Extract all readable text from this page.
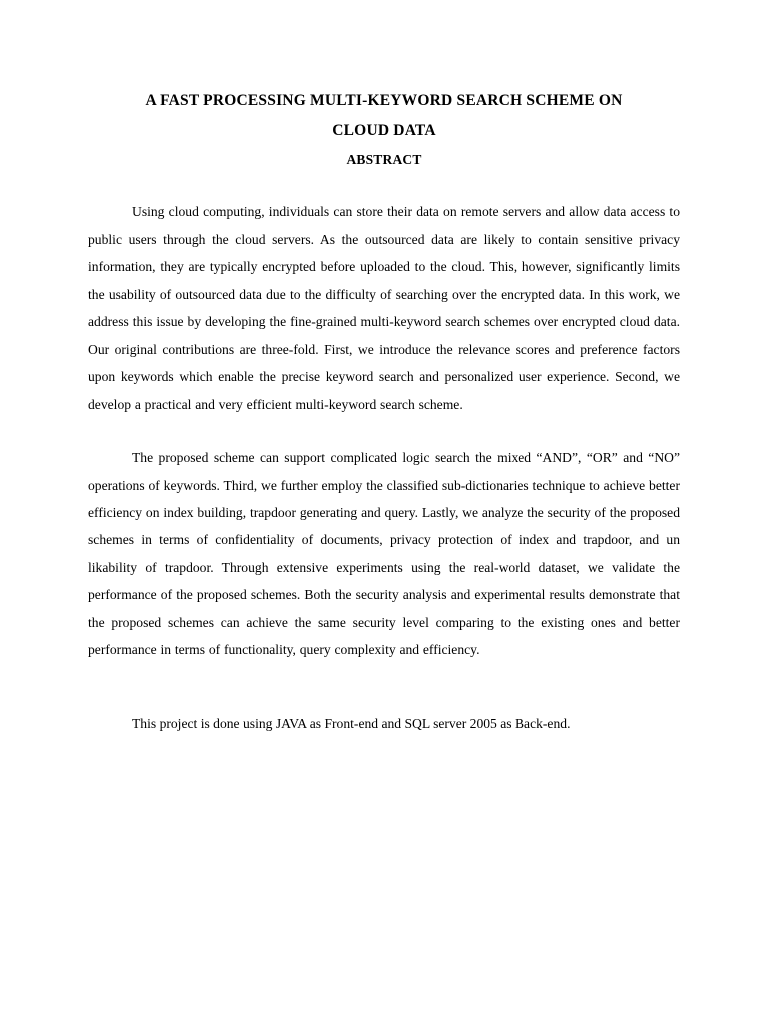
A FAST PROCESSING MULTI-KEYWORD SEARCH SCHEME ON
CLOUD DATA
ABSTRACT

Using cloud computing, individuals can store their data on remote servers and allow data access to public users through the cloud servers. As the outsourced data are likely to contain sensitive privacy information, they are typically encrypted before uploaded to the cloud. This, however, significantly limits the usability of outsourced data due to the difficulty of searching over the encrypted data. In this work, we address this issue by developing the fine-grained multi-keyword search schemes over encrypted cloud data. Our original contributions are three-fold. First, we introduce the relevance scores and preference factors upon keywords which enable the precise keyword search and personalized user experience. Second, we develop a practical and very efficient multi-keyword search scheme.

The proposed scheme can support complicated logic search the mixed “AND”, “OR” and “NO” operations of keywords. Third, we further employ the classified sub-dictionaries technique to achieve better efficiency on index building, trapdoor generating and query. Lastly, we analyze the security of the proposed schemes in terms of confidentiality of documents, privacy protection of index and trapdoor, and un likability of trapdoor. Through extensive experiments using the real-world dataset, we validate the performance of the proposed schemes. Both the security analysis and experimental results demonstrate that the proposed schemes can achieve the same security level comparing to the existing ones and better performance in terms of functionality, query complexity and efficiency.

This project is done using JAVA as Front-end and SQL server 2005 as Back-end.
